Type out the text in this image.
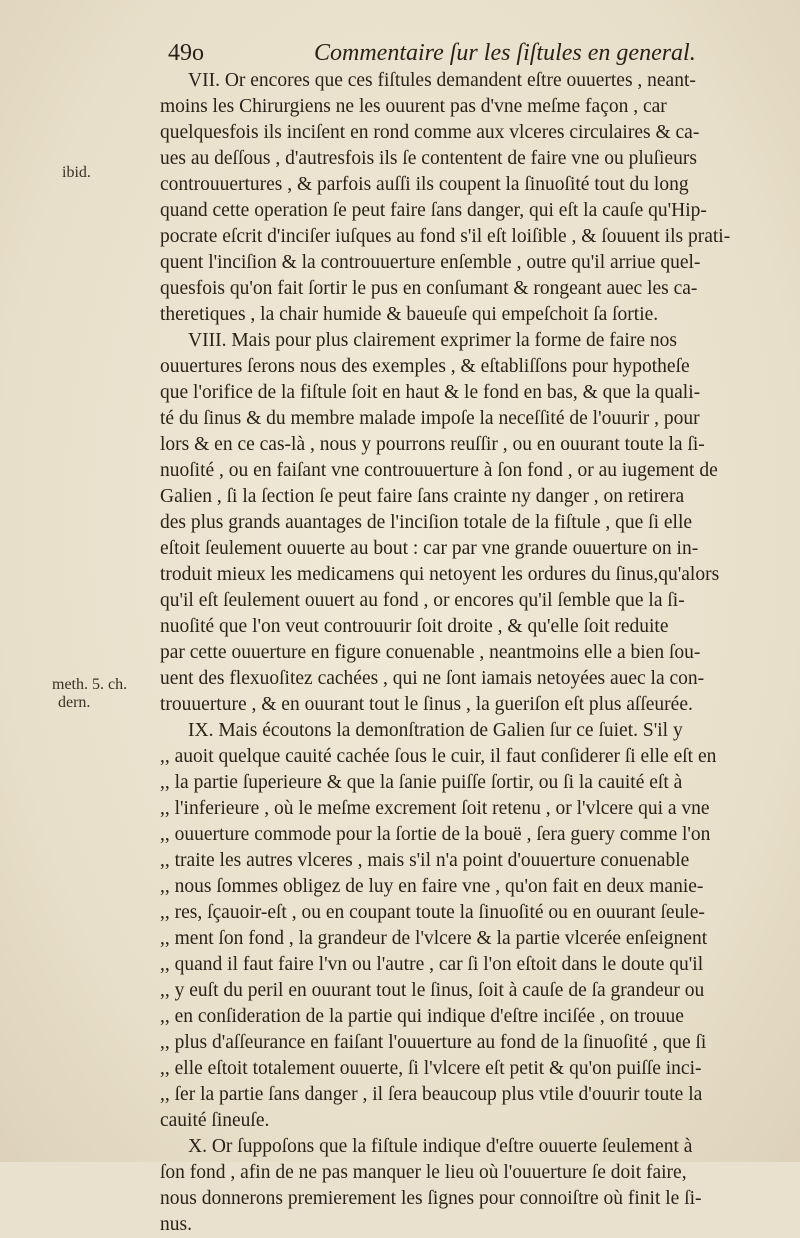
49o	Commentaire ſur les ſiſtules en general.
ibid.
meth. 5. ch.
dern.
VII. Or encores que ces fiſtules demandent eſtre ouuertes , neant-
moins les Chirurgiens ne les ouurent pas d'vne meſme façon , car
quelquesfois ils inciſent en rond comme aux vlceres circulaires & ca-
ues au deſſous , d'autresfois ils ſe contentent de faire vne ou pluſieurs
controuuertures , & parfois auſſi ils coupent la ſinuoſité tout du long
quand cette operation ſe peut faire ſans danger, qui eſt la cauſe qu'Hip-
pocrate eſcrit d'inciſer iuſques au fond s'il eſt loiſible , & ſouuent ils prati-
quent l'inciſion & la controuuerture enſemble , outre qu'il arriue quel-
quesfois qu'on fait ſortir le pus en conſumant & rongeant auec les ca-
theretiques , la chair humide & baueuſe qui empeſchoit ſa ſortie.
VIII. Mais pour plus clairement exprimer la forme de faire nos
ouuertures ſerons nous des exemples , & eſtabliſſons pour hypotheſe
que l'orifice de la fiſtule ſoit en haut & le fond en bas, & que la quali-
té du ſinus & du membre malade impoſe la neceſſité de l'ouurir , pour
lors & en ce cas-là , nous y pourrons reuſſir , ou en ouurant toute la ſi-
nuoſité , ou en faiſant vne controuuerture à ſon fond , or au iugement de
Galien , ſi la ſection ſe peut faire ſans crainte ny danger , on retirera
des plus grands auantages de l'inciſion totale de la fiſtule , que ſi elle
eſtoit ſeulement ouuerte au bout : car par vne grande ouuerture on in-
troduit mieux les medicamens qui netoyent les ordures du ſinus,qu'alors
qu'il eſt ſeulement ouuert au fond , or encores qu'il ſemble que la ſi-
nuoſité que l'on veut controuurir ſoit droite , & qu'elle ſoit reduite
par cette ouuerture en figure conuenable , neantmoins elle a bien ſou-
uent des flexuoſitez cachées , qui ne ſont iamais netoyées auec la con-
trouuerture , & en ouurant tout le ſinus , la gueriſon eſt plus aſſeurée.
IX. Mais écoutons la demonſtration de Galien ſur ce ſuiet. S'il y
,, auoit quelque cauité cachée ſous le cuir, il faut conſiderer ſi elle eſt en
,, la partie ſuperieure & que la ſanie puiſſe ſortir, ou ſi la cauité eſt à
,, l'inferieure , où le meſme excrement ſoit retenu , or l'vlcere qui a vne
,, ouuerture commode pour la ſortie de la bouë , ſera guery comme l'on
,, traite les autres vlceres , mais s'il n'a point d'ouuerture conuenable
,, nous ſommes obligez de luy en faire vne , qu'on fait en deux manie-
,, res, ſçauoir-eſt , ou en coupant toute la ſinuoſité ou en ouurant ſeule-
,, ment ſon fond , la grandeur de l'vlcere & la partie vlcerée enſeignent
,, quand il faut faire l'vn ou l'autre , car ſi l'on eſtoit dans le doute qu'il
,, y euſt du peril en ouurant tout le ſinus, ſoit à cauſe de ſa grandeur ou
,, en conſideration de la partie qui indique d'eſtre inciſée , on trouue
,, plus d'aſſeurance en faiſant l'ouuerture au fond de la ſinuoſité , que ſi
,, elle eſtoit totalement ouuerte, ſi l'vlcere eſt petit & qu'on puiſſe inci-
,, ſer la partie ſans danger , il ſera beaucoup plus vtile d'ouurir toute la
cauité ſineuſe.
X. Or ſuppoſons que la fiſtule indique d'eſtre ouuerte ſeulement à
ſon fond , afin de ne pas manquer le lieu où l'ouuerture ſe doit faire,
nous donnerons premierement les ſignes pour connoiſtre où finit le ſi-
nus.
